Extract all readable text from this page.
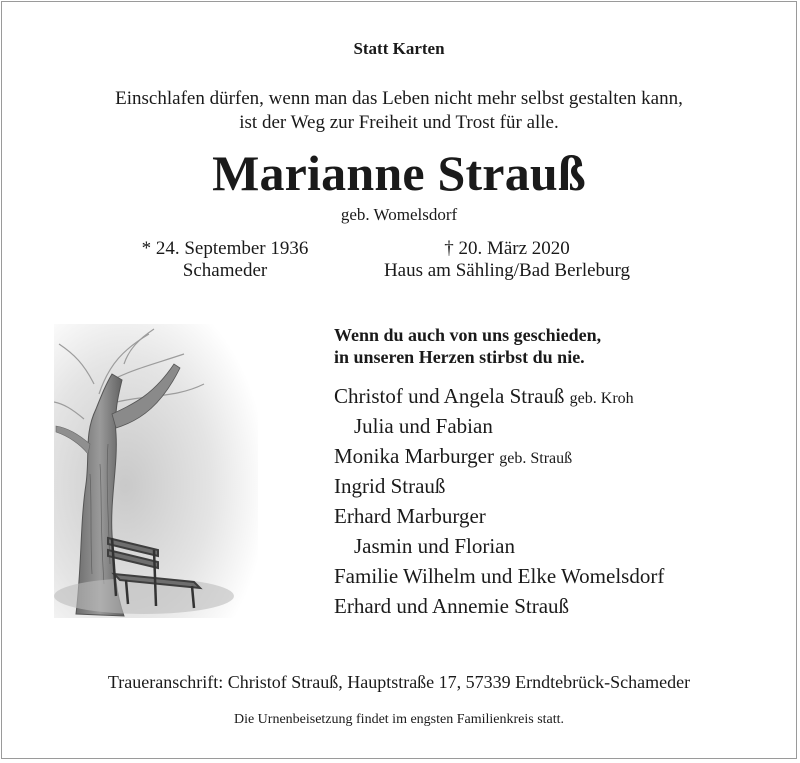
Statt Karten
Einschlafen dürfen, wenn man das Leben nicht mehr selbst gestalten kann,
ist der Weg zur Freiheit und Trost für alle.
Marianne Strauß
geb. Womelsdorf
* 24. September 1936
Schameder
† 20. März 2020
Haus am Sähling/Bad Berleburg
Wenn du auch von uns geschieden,
in unseren Herzen stirbst du nie.
Christof und Angela Strauß geb. Kroh
Julia und Fabian
Monika Marburger geb. Strauß
Ingrid Strauß
Erhard Marburger
Jasmin und Florian
Familie Wilhelm und Elke Womelsdorf
Erhard und Annemie Strauß
Traueranschrift: Christof Strauß, Hauptstraße 17, 57339 Erndtebrück-Schameder
Die Urnenbeisetzung findet im engsten Familienkreis statt.
